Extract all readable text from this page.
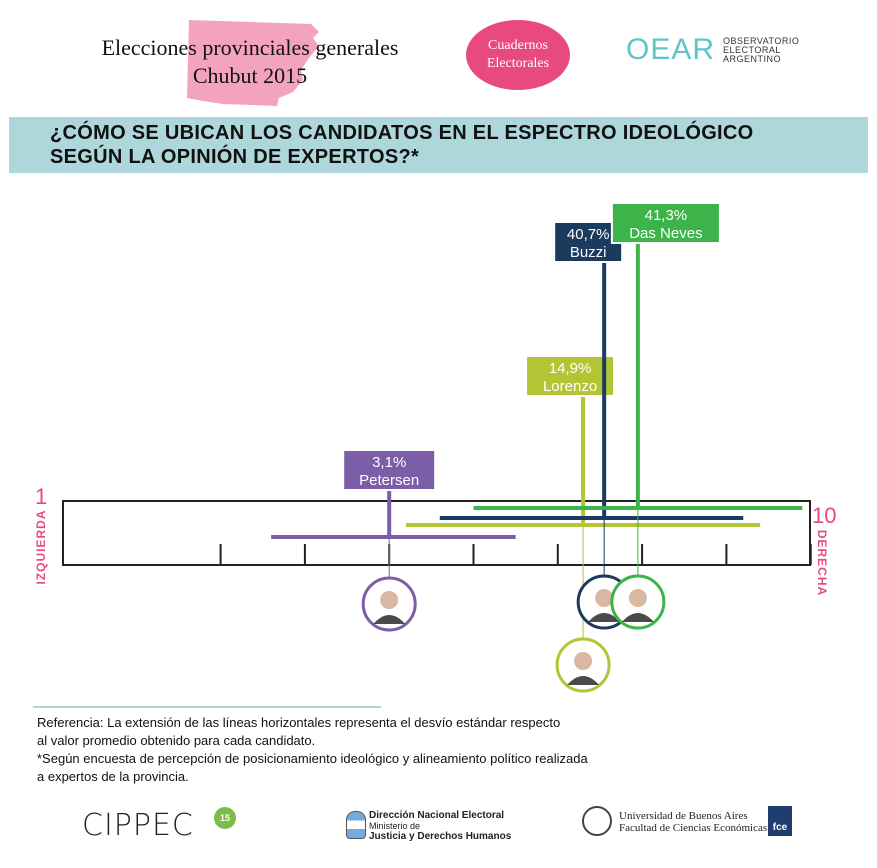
Elecciones provinciales generales
Chubut 2015
Cuadernos
Electorales	OEAR OBSERVATORIO
ELECTORAL
ARGENTINO
¿CÓMO SE UBICAN LOS CANDIDATOS EN EL ESPECTRO IDEOLÓGICO
SEGÚN LA OPINIÓN DE EXPERTOS?*
3,1%
Petersen
14,9%
Lorenzo
40,7%
Buzzi
41,3%
Das Neves
1
10
IZQUIERDA	DERECHA
Referencia: La extensión de las líneas horizontales representa el desvío estándar respecto
al valor promedio obtenido para cada candidato.
*Según encuesta de percepción de posicionamiento ideológico y alineamiento político realizada
a expertos de la provincia.
CIPPEC	15	Dirección Nacional Electoral
Ministerio de
Justicia y Derechos Humanos
Universidad de Buenos Aires
Facultad de Ciencias Económicas fce
